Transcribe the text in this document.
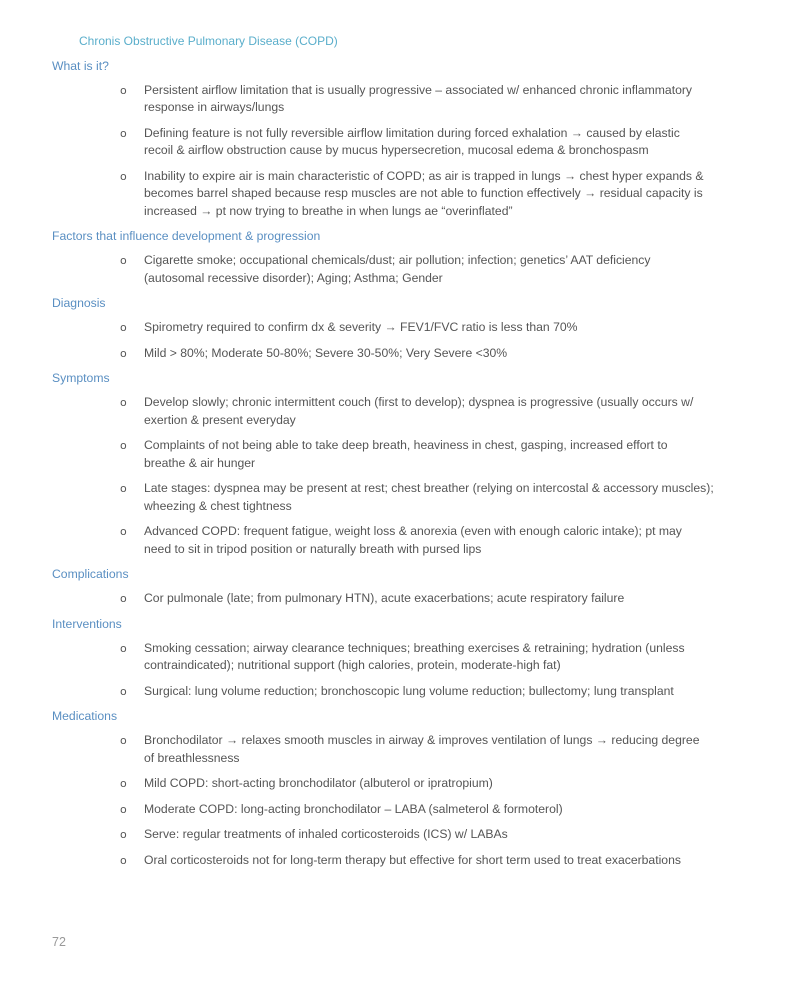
Chronis Obstructive Pulmonary Disease (COPD)
What is it?
o Persistent airflow limitation that is usually progressive – associated w/ enhanced chronic inflammatory
response in airways/lungs
o Defining feature is not fully reversible airflow limitation during forced exhalation → caused by elastic
recoil & airflow obstruction cause by mucus hypersecretion, mucosal edema & bronchospasm
o Inability to expire air is main characteristic of COPD; as air is trapped in lungs → chest hyper expands &
becomes barrel shaped because resp muscles are not able to function effectively → residual capacity is
increased → pt now trying to breathe in when lungs ae “overinflated”
Factors that influence development & progression
o Cigarette smoke; occupational chemicals/dust; air pollution; infection; genetics’ AAT deficiency
(autosomal recessive disorder); Aging; Asthma; Gender
Diagnosis
o Spirometry required to confirm dx & severity → FEV1/FVC ratio is less than 70%
o Mild > 80%; Moderate 50-80%; Severe 30-50%; Very Severe <30%
Symptoms
o Develop slowly; chronic intermittent couch (first to develop); dyspnea is progressive (usually occurs w/
exertion & present everyday
o Complaints of not being able to take deep breath, heaviness in chest, gasping, increased effort to
breathe & air hunger
o Late stages: dyspnea may be present at rest; chest breather (relying on intercostal & accessory muscles);
wheezing & chest tightness
o Advanced COPD: frequent fatigue, weight loss & anorexia (even with enough caloric intake); pt may
need to sit in tripod position or naturally breath with pursed lips
Complications
o Cor pulmonale (late; from pulmonary HTN), acute exacerbations; acute respiratory failure
Interventions
o Smoking cessation; airway clearance techniques; breathing exercises & retraining; hydration (unless
contraindicated); nutritional support (high calories, protein, moderate-high fat)
o Surgical: lung volume reduction; bronchoscopic lung volume reduction; bullectomy; lung transplant
Medications
o Bronchodilator → relaxes smooth muscles in airway & improves ventilation of lungs → reducing degree
of breathlessness
o Mild COPD: short-acting bronchodilator (albuterol or ipratropium)
o Moderate COPD: long-acting bronchodilator – LABA (salmeterol & formoterol)
o Serve: regular treatments of inhaled corticosteroids (ICS) w/ LABAs
o Oral corticosteroids not for long-term therapy but effective for short term used to treat exacerbations
72
